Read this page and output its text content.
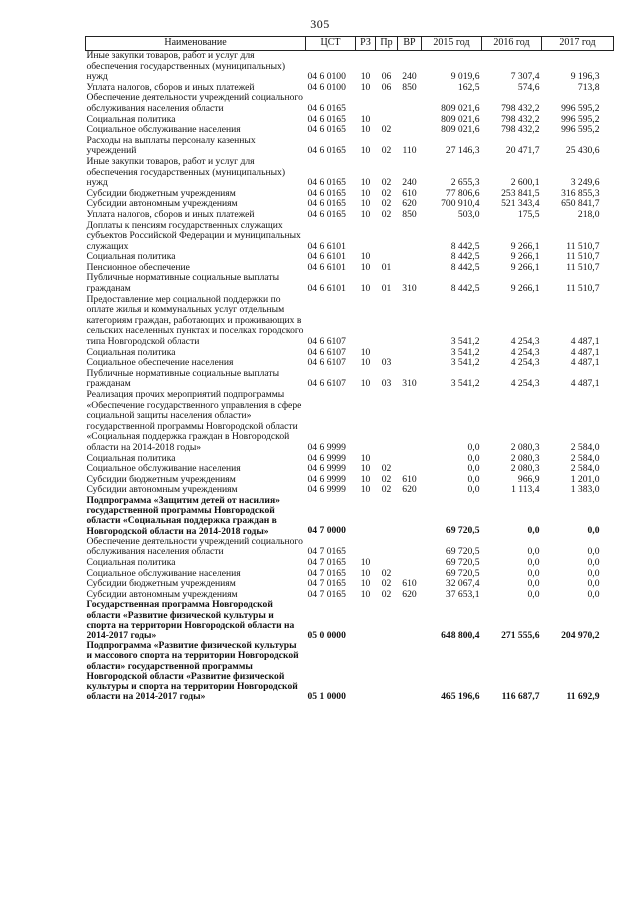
305
Наименование	ЦСТ	РЗ	Пр	ВР	2015 год	2016 год	2017 год	
Иные закупки товаров, работ и услуг для обеспечения государственных (муниципальных) нужд	04 6 0100	10	06	240	9 019,6	7 307,4	9 196,3	
Уплата налогов, сборов и иных платежей	04 6 0100	10	06	850	162,5	574,6	713,8	
Обеспечение деятельности учреждений социального обслуживания населения области	04 6 0165				809 021,6	798 432,2	996 595,2	
Социальная политика	04 6 0165	10			809 021,6	798 432,2	996 595,2	
Социальное обслуживание населения	04 6 0165	10	02		809 021,6	798 432,2	996 595,2	
Расходы на выплаты персоналу казенных учреждений	04 6 0165	10	02	110	27 146,3	20 471,7	25 430,6	
Иные закупки товаров, работ и услуг для обеспечения государственных (муниципальных) нужд	04 6 0165	10	02	240	2 655,3	2 600,1	3 249,6	
Субсидии бюджетным учреждениям	04 6 0165	10	02	610	77 806,6	253 841,5	316 855,3	
Субсидии автономным учреждениям	04 6 0165	10	02	620	700 910,4	521 343,4	650 841,7	
Уплата налогов, сборов и иных платежей	04 6 0165	10	02	850	503,0	175,5	218,0	
Доплаты к пенсиям государственных служащих субъектов Российской Федерации и муниципальных служащих	04 6 6101				8 442,5	9 266,1	11 510,7	
Социальная политика	04 6 6101	10			8 442,5	9 266,1	11 510,7	
Пенсионное обеспечение	04 6 6101	10	01		8 442,5	9 266,1	11 510,7	
Публичные нормативные социальные выплаты гражданам	04 6 6101	10	01	310	8 442,5	9 266,1	11 510,7	
Предоставление мер социальной поддержки по оплате жилья и коммунальных услуг отдельным категориям граждан, работающих и проживающих в сельских населенных пунктах и поселках городского типа Новгородской области	04 6 6107				3 541,2	4 254,3	4 487,1	
Социальная политика	04 6 6107	10			3 541,2	4 254,3	4 487,1	
Социальное обеспечение населения	04 6 6107	10	03		3 541,2	4 254,3	4 487,1	
Публичные нормативные социальные выплаты гражданам	04 6 6107	10	03	310	3 541,2	4 254,3	4 487,1	
Реализация прочих мероприятий подпрограммы «Обеспечение государственного управления в сфере социальной защиты населения области» государственной программы Новгородской области «Социальная поддержка граждан в Новгородской области на 2014-2018 годы»	04 6 9999				0,0	2 080,3	2 584,0	
Социальная политика	04 6 9999	10			0,0	2 080,3	2 584,0	
Социальное обслуживание населения	04 6 9999	10	02		0,0	2 080,3	2 584,0	
Субсидии бюджетным учреждениям	04 6 9999	10	02	610	0,0	966,9	1 201,0	
Субсидии автономным учреждениям	04 6 9999	10	02	620	0,0	1 113,4	1 383,0	
Подпрограмма «Защитим детей от насилия» государственной программы Новгородской области «Социальная поддержка граждан в Новгородской области на 2014-2018 годы»	04 7 0000				69 720,5	0,0	0,0	
Обеспечение деятельности учреждений социального обслуживания населения области	04 7 0165				69 720,5	0,0	0,0	
Социальная политика	04 7 0165	10			69 720,5	0,0	0,0	
Социальное обслуживание населения	04 7 0165	10	02		69 720,5	0,0	0,0	
Субсидии бюджетным учреждениям	04 7 0165	10	02	610	32 067,4	0,0	0,0	
Субсидии автономным учреждениям	04 7 0165	10	02	620	37 653,1	0,0	0,0	
Государственная программа Новгородской области «Развитие физической культуры и спорта на территории Новгородской области на 2014-2017 годы»	05 0 0000				648 800,4	271 555,6	204 970,2	
Подпрограмма «Развитие физической культуры и массового спорта на территории Новгородской области» государственной программы Новгородской области «Развитие физической культуры и спорта на территории Новгородской области на 2014-2017 годы»	05 1 0000				465 196,6	116 687,7	11 692,9	
